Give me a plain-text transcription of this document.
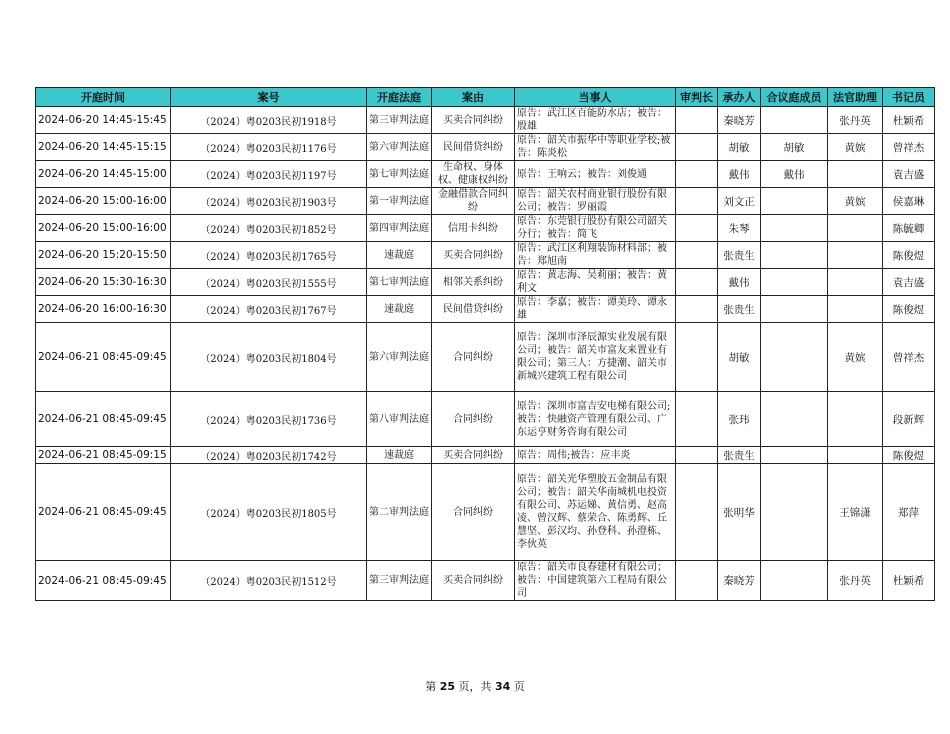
开庭时间	案号	开庭法庭	案由	当事人	审判长	承办人	合议庭成员	法官助理	书记员
2024-06-20 14:45-15:45	（2024）粤0203民初1918号	第三审判法庭	买卖合同纠纷	原告：武江区百能防水店；被告：殷雄		秦晓芳		张丹英	杜颖希
2024-06-20 14:45-15:15	（2024）粤0203民初1176号	第六审判法庭	民间借贷纠纷	原告：韶关市振华中等职业学校;被告：陈炎松		胡敏	胡敏	黄嫔	曾祥杰
2024-06-20 14:45-15:00	（2024）粤0203民初1197号	第七审判法庭	生命权、身体权、健康权纠纷	原告：王响云；被告：刘俊通		戴伟	戴伟		袁吉盛
2024-06-20 15:00-16:00	（2024）粤0203民初1903号	第一审判法庭	金融借款合同纠纷	原告：韶关农村商业银行股份有限公司；被告：罗丽霞		刘文正		黄嫔	侯嘉琳
2024-06-20 15:00-16:00	（2024）粤0203民初1852号	第四审判法庭	信用卡纠纷	原告：东莞银行股份有限公司韶关分行；被告：简飞		朱琴			陈毓卿
2024-06-20 15:20-15:50	（2024）粤0203民初1765号	速裁庭	买卖合同纠纷	原告：武江区利翔装饰材料部；被告：郑旭南		张贵生			陈俊煜
2024-06-20 15:30-16:30	（2024）粤0203民初1555号	第七审判法庭	相邻关系纠纷	原告：黄志海、吴莉丽；被告：黄利文		戴伟			袁吉盛
2024-06-20 16:00-16:30	（2024）粤0203民初1767号	速裁庭	民间借贷纠纷	原告：李嘉；被告：谭美玲、谭永雄		张贵生			陈俊煜
2024-06-21 08:45-09:45	（2024）粤0203民初1804号	第六审判法庭	合同纠纷	原告：深圳市泽辰源实业发展有限公司；被告：韶关市富友来置业有限公司；第三人：方捷潮、韶关市新城兴建筑工程有限公司		胡敏		黄嫔	曾祥杰
2024-06-21 08:45-09:45	（2024）粤0203民初1736号	第八审判法庭	合同纠纷	原告：深圳市富吉安电梯有限公司;被告：快融资产管理有限公司、广东运亨财务咨询有限公司		张玮			段新辉
2024-06-21 08:45-09:15	（2024）粤0203民初1742号	速裁庭	买卖合同纠纷	原告：周伟;被告：应丰炎		张贵生			陈俊煜
2024-06-21 08:45-09:45	（2024）粤0203民初1805号	第二审判法庭	合同纠纷	原告：韶关光华塑胶五金制品有限公司；被告：韶关华南城机电投资有限公司、苏运娣、黄信勇、赵高凌、曾汉辉、蔡荣合、陈勇辉、丘慧坚、彭汉均、孙登科、孙澄栋、李伙英		张明华		王锦潇	郑萍
2024-06-21 08:45-09:45	（2024）粤0203民初1512号	第三审判法庭	买卖合同纠纷	原告：韶关市良春建材有限公司；被告：中国建筑第六工程局有限公司		秦晓芳		张丹英	杜颖希
第 25 页，共 34 页
